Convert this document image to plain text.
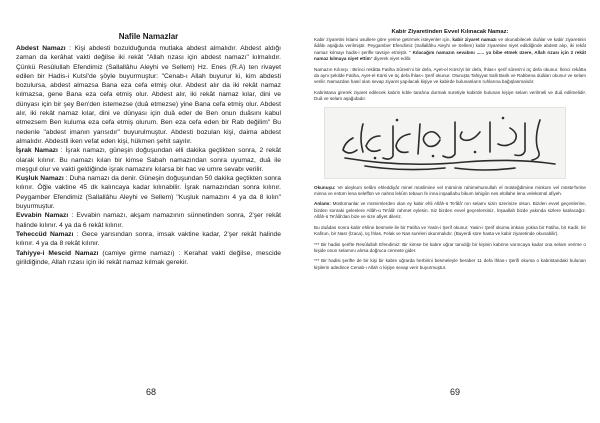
Nafile Namazlar

Abdest Namazı : Kişi abdesti bozulduğunda mutlaka abdest almalıdır. Abdest aldığı zaman da kerâhat vakti değilse iki rekât "Allah rızası için abdest namazı" kılmalıdır. Çünkü Resûlullah Efendimiz (Sallallâhu Aleyhi ve Sellem) Hz. Enes (R.A) ten rivayet edilen bir Hadis-i Kutsî'de şöyle buyurmuştur: "Cenab-ı Allah buyurur ki, kim abdesti bozulursa, abdest almazsa Bana eza cefa etmiş olur. Abdest alır da iki rekât namaz kılmazsa, gene Bana eza cefa etmiş olur. Abdest alır, iki rekât namaz kılar, dini ve dünyası için bir şey Ben'den istemezse (duâ etmezse) yine Bana cefa etmiş olur. Abdest alır, iki rekât namaz kılar, dini ve dünyası için duâ eder de Ben onun duâsını kabul etmezsem Ben kuluma eza cefa etmiş olurum. Ben eza cefa eden bir Rab değilim" Bu nedenle "abdest imanın yarısıdır" buyurulmuştur. Abdesti bozulan kişi, daima abdest almalıdır. Abdestli iken vefat eden kişi, hükmen şehit sayılır.

İşrak Namazı : İşrak namazı, güneşin doğuşundan elli dakika geçtikten sonra, 2 rekât olarak kılınır. Bu namazı kılan bir kimse Sabah namazından sonra uyumaz, duâ ile meşgul olur ve vakti geldiğinde işrak namazını kılarsa bir hac ve umre sevabı verilir.

Kuşluk Namazı : Duha namazı da denir. Güneşin doğuşundan 50 dakika geçtikten sonra kılınır. Öğle vaktine 45 dk kalıncaya kadar kılınabilir. İşrak namazından sonra kılınır. Peygamber Efendimiz (Sallallâhu Aleyhi ve Sellem) "Kuşluk namazını 4 ya da 8 kılın" buyurmuştur.

Evvabin Namazı : Evvabin namazı, akşam namazının sünnetinden sonra, 2'şer rekât halinde kılınır. 4 ya da 6 rekât kılınır.

Teheccüd Namazı : Gece yarısından sonra, imsak vaktine kadar, 2'şer rekât halinde kılınır. 4 ya da 8 rekât kılınır.

Tahiyye-i Mescid Namazı (camiye girme namazı) : Kerahat vakti değilse, mescide girildiğinde, Allah rızası için iki rekât namaz kılmak gerekir.

68
Kabir Ziyaretinden Evvel Kılınacak Namaz:

Kabir ziyaretini İslami usullere göre yerine getirmek isteyenler için, kabir ziyaret namazı ve okunabilecek duâlar ve kabir ziyaretinin âdâbı aşağıda verilmiştir. Peygamber Efendimiz (Sallallâhu Aleyhi ve Sellem) kabir ziyaretine niyet edildiğinde abdest alıp, iki rekât namaz kılmayı hadis-i şerifle tavsiye etmiştir. " Kılacağım namazın sevabını ...... ya bibe etmek üzere, Allah rızası için 2 rekât namaz kılmaya niyet ettim" diyerek niyet edilir.

Namazın Kılınışı : Birinci rekâtta Fatiha Sûresi'ni bir defa, Ayet-el Kürsi'yi bir defa, İhlas-ı şerif sûresi'ni üç defa okunur. İkinci rekâtta da aynı şekilde Fatiha, Ayet-el Kürsi ve üç defa İhlas-ı Şerif okunur. Oturuşta Tahiyyat Salli Barik ve Rabbena duâları okunur ve selam verilir. Namazdan hasıl olan sevap ziyaret yapılacak kişiye ve kabirde bulunanların ruhlarına bağışlanmalıdır.

Kabristana girerek ziyaret edilecek kabrin kıble tarafına durmak suretiyle kabirde bulunan kişiye selam verilmeli ve duâ edilmelidir. Duâ ve selam aşağıdadır.

Okunuşu: Ve aleykum selâm ehleddiyâr minel müslimine vel müminin rahimehumullah el müsteğdimine minkum vel müste'hırine minna ve entüm lena seleffün ve nahnü lekûm tebaun fe inna inşaallahu bikum lahigûn nes elüllahe lena velekümül afiyeh.

Anlamı: Müslümanlar ve mümimlerden olan ey kabir ehli Allâh-ü Te'âlâ' nın selamı sizin üzerinize olsun. Bizden evvel geçenlerine, bizden sonraki gelenlere Allâh-ü Te'âlâ' rahmet eylesin. Siz bizden evvel geçenlersiniz. İnşaallah bizde yakında sizlere katılacağız. Allâh-ü Te'âlâ'dan bize ve size afiyet dileriz.

Bu duâdan sonra kabir ehline besmele ile bir Fatiha ve Yasin-i Şerif okunur. Yasin-i Şerif okuma imkanı yoksa bir Fatiha, bir Kadir, bir Kafirun, bir Nasr (İzaca), üç İhlas, Felak ve Nas sureleri okunmalıdır. (Buyerdi süre hasta ve kabir ziyaretinde okunabilir).

*** Bir hadisi şerifte Resûlullah Efendimiz: Bir kimse bir kabre uğrar tanıdığı bir kişinin kabrine varıncaya kadar ona selam verirse o kişide onun selamını alırsa doğruca cennete gider.

*** Bir hadisi şerifte de bir kişi bir kabre uğrarda herbirini besmeleyle beraber 11 defa İhlas-ı Şerifi okursa o kabristandaki bulunan kişilerin adedince Cenab-ı Allah o kişiye sevap verir buyurmuştur.

69
